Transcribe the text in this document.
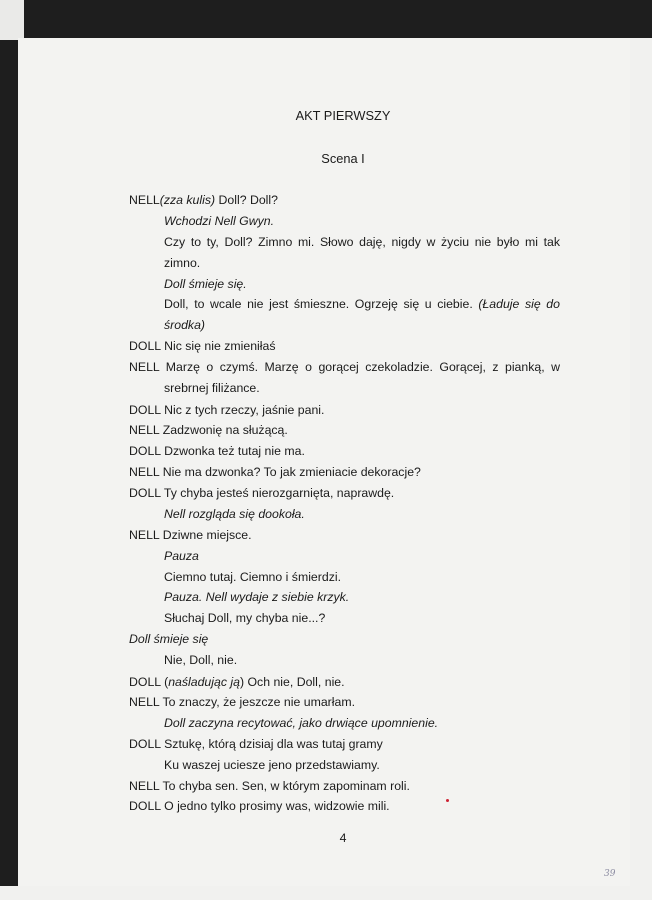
AKT PIERWSZY
Scena I
NELL(zza kulis) Doll? Doll?
Wchodzi Nell Gwyn.
Czy to ty, Doll? Zimno mi. Słowo daję, nigdy w życiu nie było mi tak
zimno.
Doll śmieje się.
Doll, to wcale nie jest śmieszne. Ogrzeję się u ciebie. (Ładuje się do
środka)
DOLL Nic się nie zmieniłaś
NELL Marzę o czymś. Marzę o gorącej czekoladzie. Gorącej, z pianką, w
srebrnej filiżance.
DOLL Nic z tych rzeczy, jaśnie pani.
NELL Zadzwonię na służącą.
DOLL Dzwonka też tutaj nie ma.
NELL Nie ma dzwonka? To jak zmieniacie dekoracje?
DOLL Ty chyba jesteś nierozgarnięta, naprawdę.
Nell rozgląda się dookoła.
NELL Dziwne miejsce.
Pauza
Ciemno tutaj. Ciemno i śmierdzi.
Pauza. Nell wydaje z siebie krzyk.
Słuchaj Doll, my chyba nie...?
Doll śmieje się
Nie, Doll, nie.
DOLL (naśladując ją) Och nie, Doll, nie.
NELL To znaczy, że jeszcze nie umarłam.
Doll zaczyna recytować, jako drwiące upomnienie.
DOLL Sztukę, którą dzisiaj dla was tutaj gramy
Ku waszej uciesze jeno przedstawiamy.
NELL To chyba sen. Sen, w którym zapominam roli.
DOLL O jedno tylko prosimy was, widzowie mili.
4
39
